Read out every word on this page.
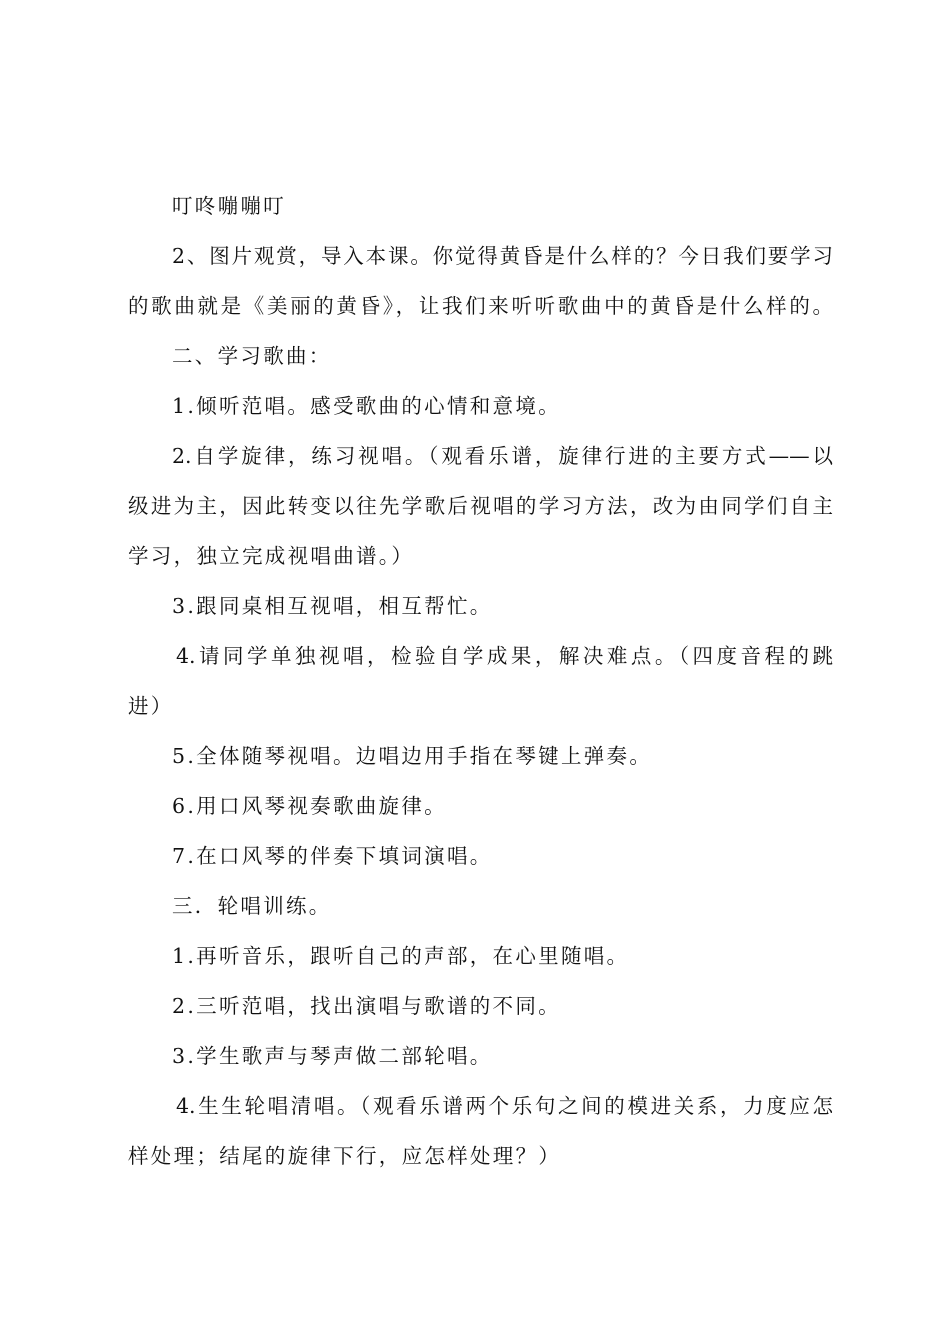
叮咚嘣嘣叮
2、图片观赏，导入本课。你觉得黄昏是什么样的？今日我们要学习
的歌曲就是《美丽的黄昏》，让我们来听听歌曲中的黄昏是什么样的。
二、学习歌曲：
1.倾听范唱。感受歌曲的心情和意境。
2.自学旋律，练习视唱。（观看乐谱，旋律行进的主要方式——以
级进为主，因此转变以往先学歌后视唱的学习方法，改为由同学们自主
学习，独立完成视唱曲谱。）
3.跟同桌相互视唱，相互帮忙。
4.请同学单独视唱，检验自学成果，解决难点。（四度音程的跳
进）
5.全体随琴视唱。边唱边用手指在琴键上弹奏。
6.用口风琴视奏歌曲旋律。
7.在口风琴的伴奏下填词演唱。
三．轮唱训练。
1.再听音乐，跟听自己的声部，在心里随唱。
2.三听范唱，找出演唱与歌谱的不同。
3.学生歌声与琴声做二部轮唱。
4.生生轮唱清唱。（观看乐谱两个乐句之间的模进关系，力度应怎
样处理；结尾的旋律下行，应怎样处理？）
